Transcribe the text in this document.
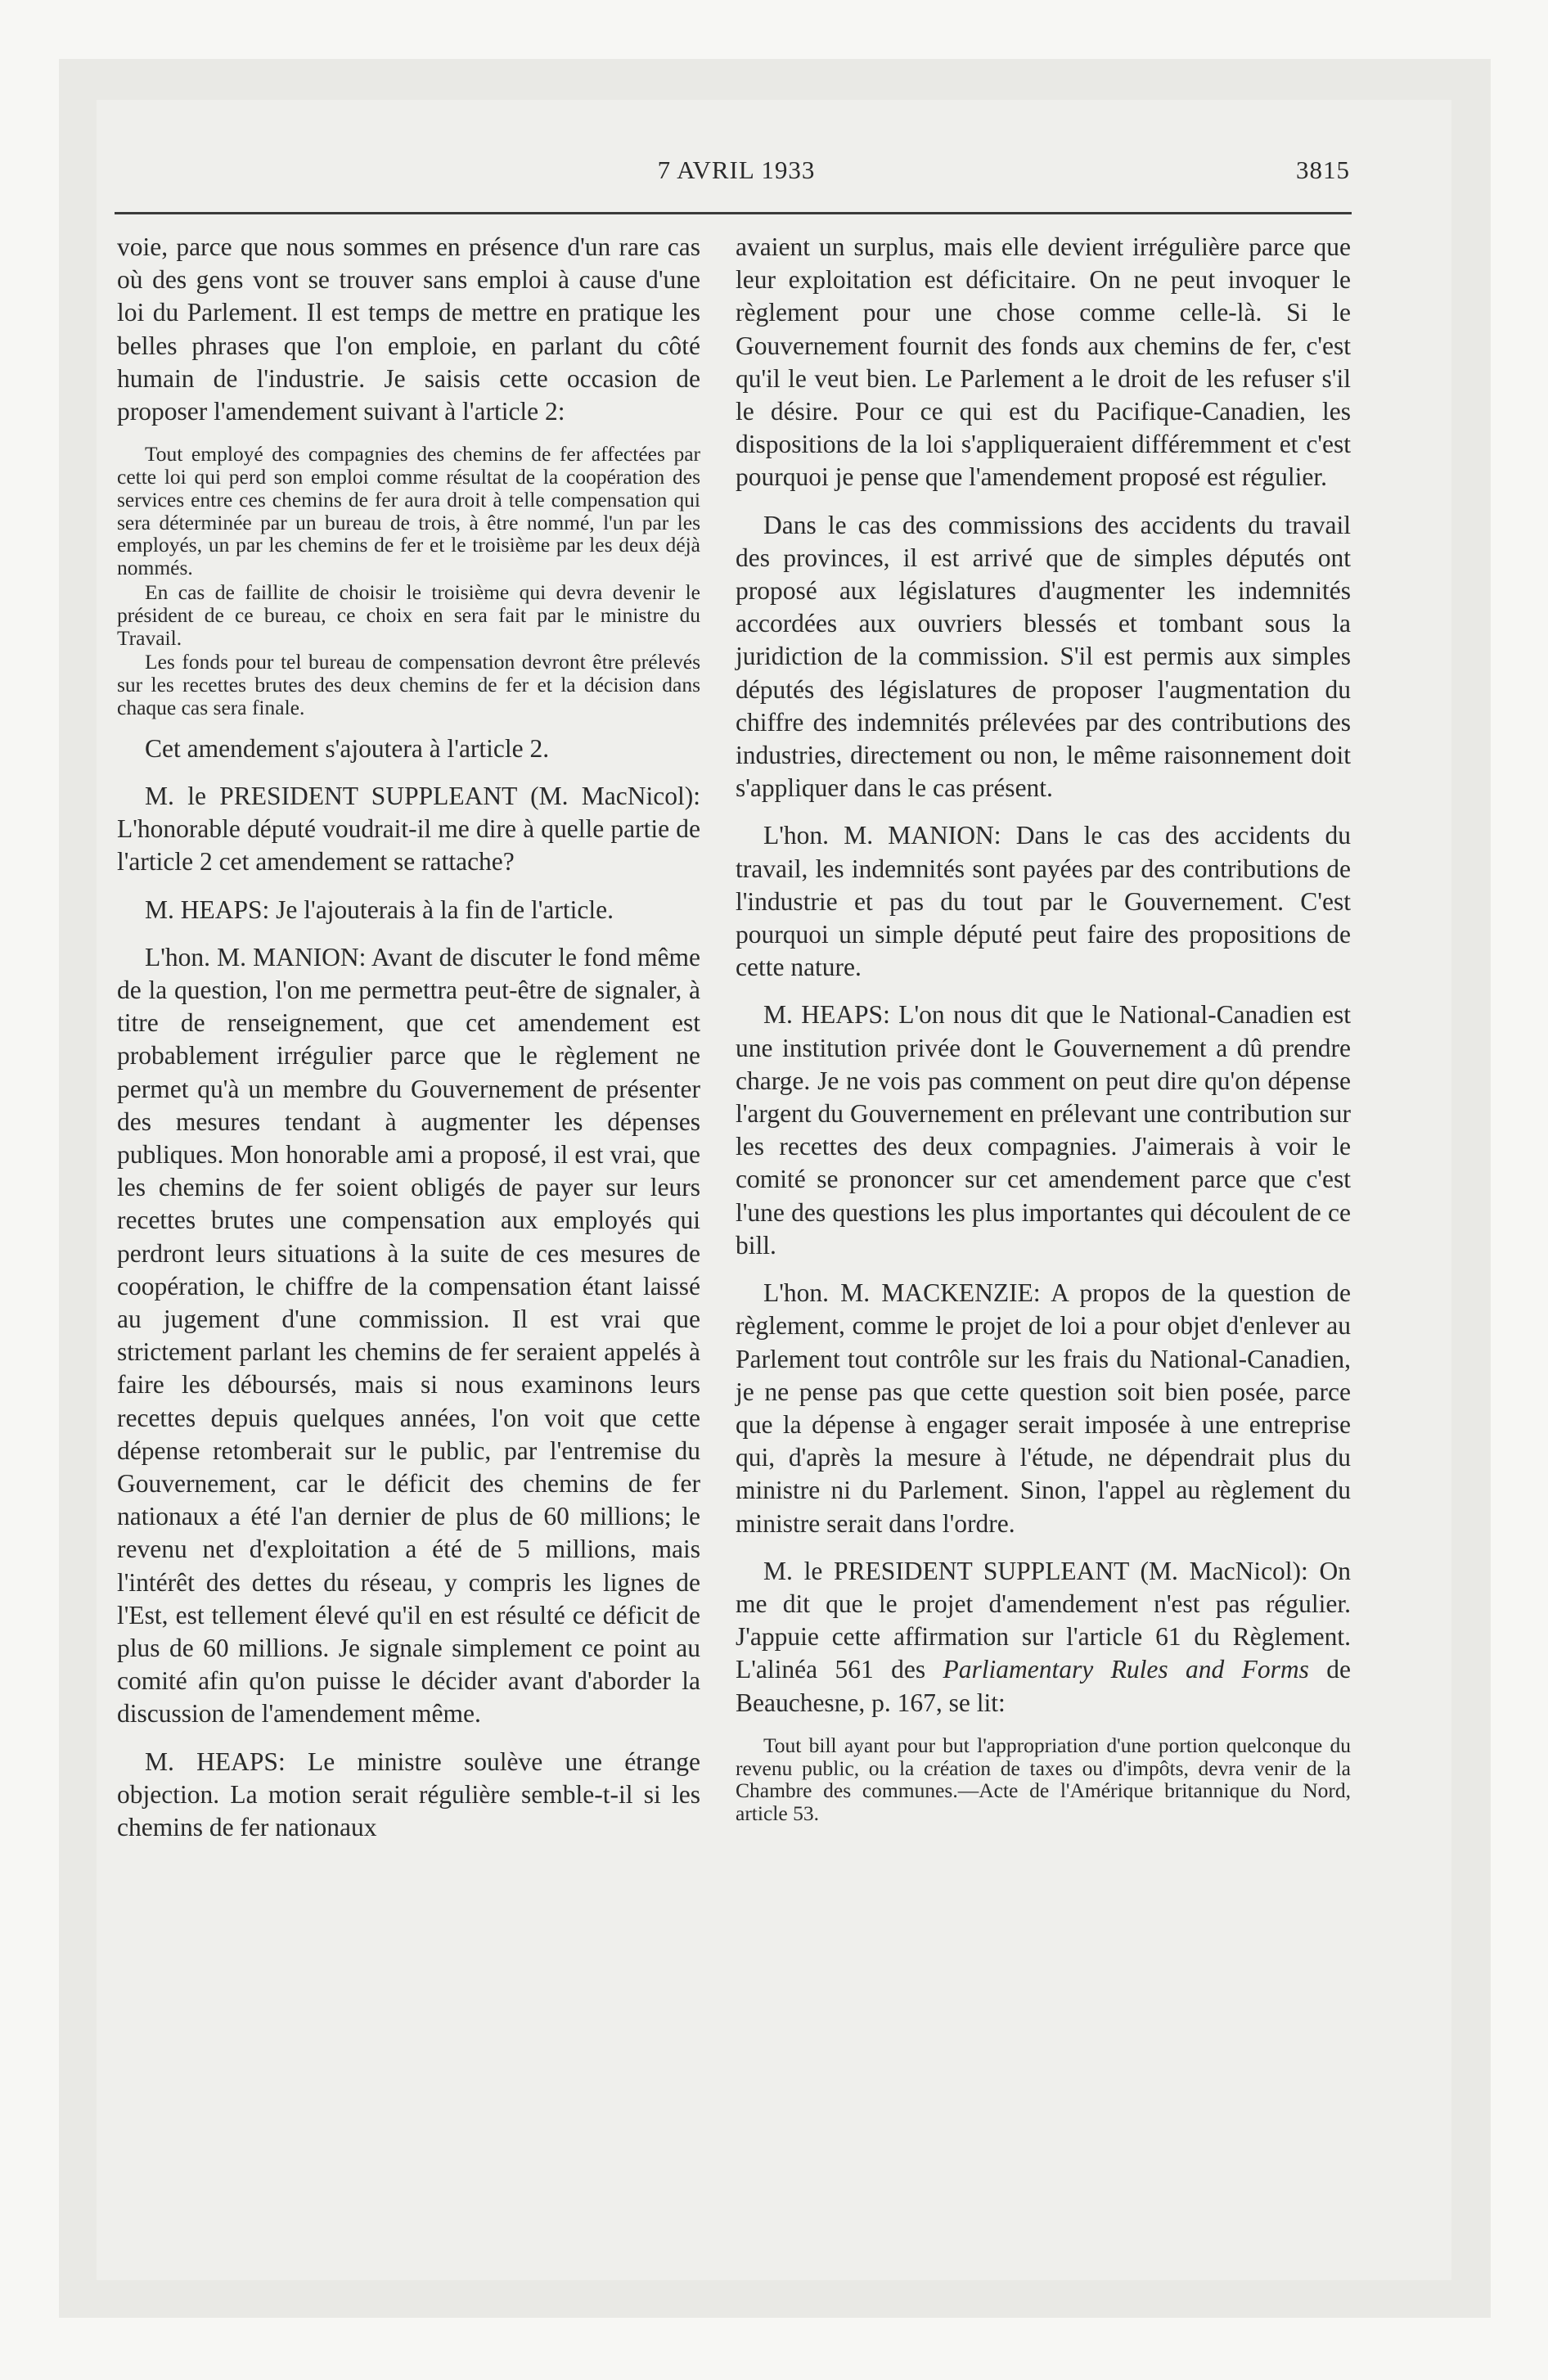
7 AVRIL 1933	3815

voie, parce que nous sommes en présence d'un rare cas où des gens vont se trouver sans emploi à cause d'une loi du Parlement. Il est temps de mettre en pratique les belles phrases que l'on emploie, en parlant du côté humain de l'industrie. Je saisis cette occasion de proposer l'amendement suivant à l'article 2:

Tout employé des compagnies des chemins de fer affectées par cette loi qui perd son emploi comme résultat de la coopération des services entre ces chemins de fer aura droit à telle compensation qui sera déterminée par un bureau de trois, à être nommé, l'un par les employés, un par les chemins de fer et le troisième par les deux déjà nommés.

En cas de faillite de choisir le troisième qui devra devenir le président de ce bureau, ce choix en sera fait par le ministre du Travail.

Les fonds pour tel bureau de compensation devront être prélevés sur les recettes brutes des deux chemins de fer et la décision dans chaque cas sera finale.

Cet amendement s'ajoutera à l'article 2.

M. le PRESIDENT SUPPLEANT (M. MacNicol): L'honorable député voudrait-il me dire à quelle partie de l'article 2 cet amendement se rattache?

M. HEAPS: Je l'ajouterais à la fin de l'article.

L'hon. M. MANION: Avant de discuter le fond même de la question, l'on me permettra peut-être de signaler, à titre de renseignement, que cet amendement est probablement irrégulier parce que le règlement ne permet qu'à un membre du Gouvernement de présenter des mesures tendant à augmenter les dépenses publiques. Mon honorable ami a proposé, il est vrai, que les chemins de fer soient obligés de payer sur leurs recettes brutes une compensation aux employés qui perdront leurs situations à la suite de ces mesures de coopération, le chiffre de la compensation étant laissé au jugement d'une commission. Il est vrai que strictement parlant les chemins de fer seraient appelés à faire les déboursés, mais si nous examinons leurs recettes depuis quelques années, l'on voit que cette dépense retomberait sur le public, par l'entremise du Gouvernement, car le déficit des chemins de fer nationaux a été l'an dernier de plus de 60 millions; le revenu net d'exploitation a été de 5 millions, mais l'intérêt des dettes du réseau, y compris les lignes de l'Est, est tellement élevé qu'il en est résulté ce déficit de plus de 60 millions. Je signale simplement ce point au comité afin qu'on puisse le décider avant d'aborder la discussion de l'amendement même.

M. HEAPS: Le ministre soulève une étrange objection. La motion serait régulière semble-t-il si les chemins de fer nationaux

avaient un surplus, mais elle devient irrégulière parce que leur exploitation est déficitaire. On ne peut invoquer le règlement pour une chose comme celle-là. Si le Gouvernement fournit des fonds aux chemins de fer, c'est qu'il le veut bien. Le Parlement a le droit de les refuser s'il le désire. Pour ce qui est du Pacifique-Canadien, les dispositions de la loi s'appliqueraient différemment et c'est pourquoi je pense que l'amendement proposé est régulier.

Dans le cas des commissions des accidents du travail des provinces, il est arrivé que de simples députés ont proposé aux législatures d'augmenter les indemnités accordées aux ouvriers blessés et tombant sous la juridiction de la commission. S'il est permis aux simples députés des législatures de proposer l'augmentation du chiffre des indemnités prélevées par des contributions des industries, directement ou non, le même raisonnement doit s'appliquer dans le cas présent.

L'hon. M. MANION: Dans le cas des accidents du travail, les indemnités sont payées par des contributions de l'industrie et pas du tout par le Gouvernement. C'est pourquoi un simple député peut faire des propositions de cette nature.

M. HEAPS: L'on nous dit que le National-Canadien est une institution privée dont le Gouvernement a dû prendre charge. Je ne vois pas comment on peut dire qu'on dépense l'argent du Gouvernement en prélevant une contribution sur les recettes des deux compagnies. J'aimerais à voir le comité se prononcer sur cet amendement parce que c'est l'une des questions les plus importantes qui découlent de ce bill.

L'hon. M. MACKENZIE: A propos de la question de règlement, comme le projet de loi a pour objet d'enlever au Parlement tout contrôle sur les frais du National-Canadien, je ne pense pas que cette question soit bien posée, parce que la dépense à engager serait imposée à une entreprise qui, d'après la mesure à l'étude, ne dépendrait plus du ministre ni du Parlement. Sinon, l'appel au règlement du ministre serait dans l'ordre.

M. le PRESIDENT SUPPLEANT (M. MacNicol): On me dit que le projet d'amendement n'est pas régulier. J'appuie cette affirmation sur l'article 61 du Règlement. L'alinéa 561 des Parliamentary Rules and Forms de Beauchesne, p. 167, se lit:

Tout bill ayant pour but l'appropriation d'une portion quelconque du revenu public, ou la création de taxes ou d'impôts, devra venir de la Chambre des communes.—Acte de l'Amérique britannique du Nord, article 53.
